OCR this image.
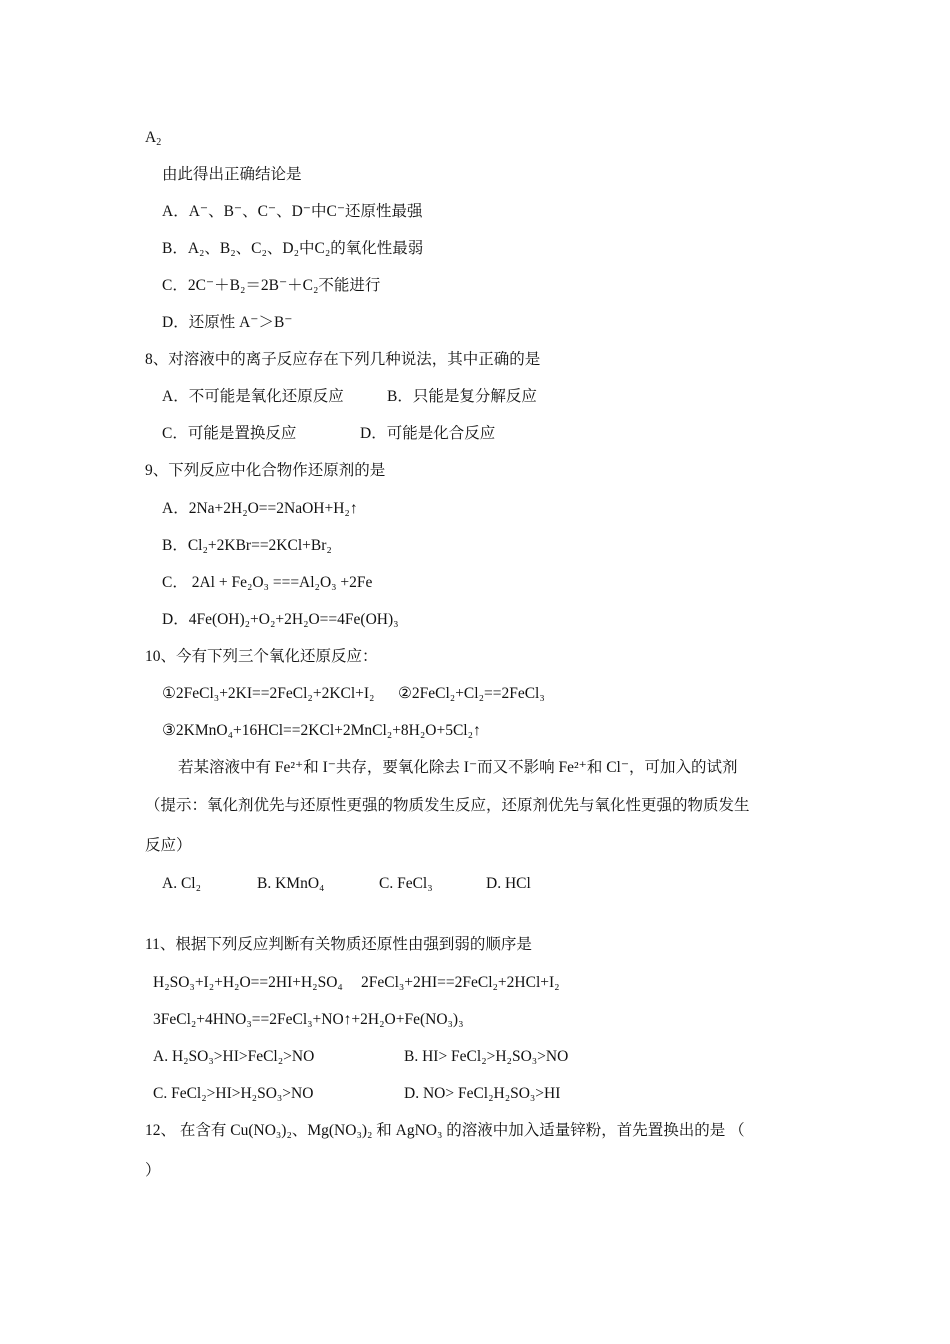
$A_2$
由此得出正确结论是
A．A⁻、B⁻、C⁻、D⁻中C⁻还原性最强
B．A₂、B₂、C₂、D₂中C₂的氧化性最弱
C．2C⁻＋B₂＝2B⁻＋C₂不能进行
D．还原性 A⁻＞B⁻
8、对溶液中的离子反应存在下列几种说法，其中正确的是
A．不可能是氧化还原反应	B．只能是复分解反应
C．可能是置换反应	D．可能是化合反应
9、下列反应中化合物作还原剂的是
A．2Na+2H₂O==2NaOH+H₂↑
B．Cl₂+2KBr==2KCl+Br₂
C． 2Al + Fe₂O₃ ===Al₂O₃ +2Fe
D．4Fe(OH)₂+O₂+2H₂O==4Fe(OH)₃
10、今有下列三个氧化还原反应：
①2FeCl₃+2KI==2FeCl₂+2KCl+I₂ ②2FeCl₂+Cl₂==2FeCl₃
③2KMnO₄+16HCl==2KCl+2MnCl₂+8H₂O+5Cl₂↑
若某溶液中有 Fe²⁺和 I⁻共存，要氧化除去 I⁻而又不影响 Fe²⁺和 Cl⁻，可加入的试剂
（提示：氧化剂优先与还原性更强的物质发生反应，还原剂优先与氧化性更强的物质发生
反应）
A. Cl₂	B. KMnO₄	C. FeCl₃	D. HCl
11、根据下列反应判断有关物质还原性由强到弱的顺序是
H₂SO₃+I₂+H₂O==2HI+H₂SO₄ 2FeCl₃+2HI==2FeCl₂+2HCl+I₂
3FeCl₂+4HNO₃==2FeCl₃+NO↑+2H₂O+Fe(NO₃)₃
A. H₂SO₃>HI>FeCl₂>NO	B. HI> FeCl₂>H₂SO₃>NO
C. FeCl₂>HI>H₂SO₃>NO	D. NO> FeCl₂H₂SO₃>HI
12、 在含有 Cu(NO₃)₂、Mg(NO₃)₂ 和 AgNO₃ 的溶液中加入适量锌粉，首先置换出的是 （
）
